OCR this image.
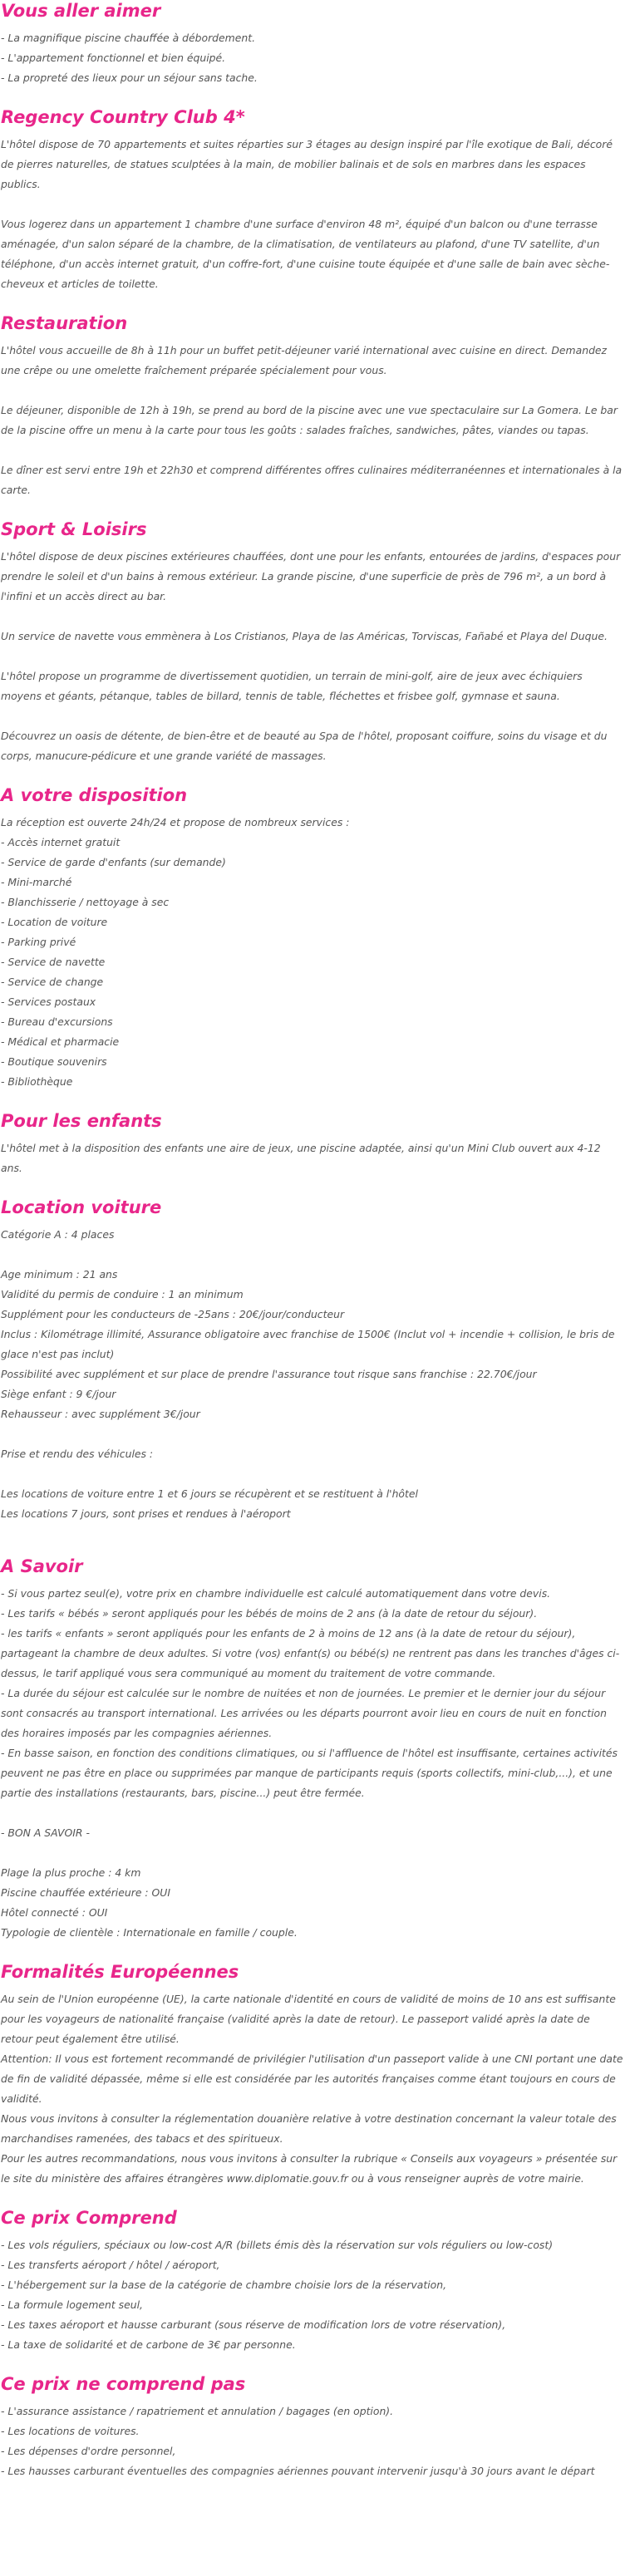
Vous aller aimer
- La magnifique piscine chauffée à débordement.
- L'appartement fonctionnel et bien équipé.
- La propreté des lieux pour un séjour sans tache.
Regency Country Club 4*
L'hôtel dispose de 70 appartements et suites réparties sur 3 étages au design inspiré par l'île exotique de Bali, décoré de pierres naturelles, de statues sculptées à la main, de mobilier balinais et de sols en marbres dans les espaces publics.
Vous logerez dans un appartement 1 chambre d'une surface d'environ 48 m², équipé d'un balcon ou d'une terrasse aménagée, d'un salon séparé de la chambre, de la climatisation, de ventilateurs au plafond, d'une TV satellite, d'un téléphone, d'un accès internet gratuit, d'un coffre-fort, d'une cuisine toute équipée et d'une salle de bain avec sèche-cheveux et articles de toilette.
Restauration
L'hôtel vous accueille de 8h à 11h pour un buffet petit-déjeuner varié international avec cuisine en direct. Demandez une crêpe ou une omelette fraîchement préparée spécialement pour vous.
Le déjeuner, disponible de 12h à 19h, se prend au bord de la piscine avec une vue spectaculaire sur La Gomera. Le bar de la piscine offre un menu à la carte pour tous les goûts : salades fraîches, sandwiches, pâtes, viandes ou tapas.
Le dîner est servi entre 19h et 22h30 et comprend différentes offres culinaires méditerranéennes et internationales à la carte.
Sport & Loisirs
L'hôtel dispose de deux piscines extérieures chauffées, dont une pour les enfants, entourées de jardins, d'espaces pour prendre le soleil et d'un bains à remous extérieur. La grande piscine, d'une superficie de près de 796 m², a un bord à l'infini et un accès direct au bar.
Un service de navette vous emmènera à Los Cristianos, Playa de las Américas, Torviscas, Fañabé et Playa del Duque.
L'hôtel propose un programme de divertissement quotidien, un terrain de mini-golf, aire de jeux avec échiquiers moyens et géants, pétanque, tables de billard, tennis de table, fléchettes et frisbee golf, gymnase et sauna.
Découvrez un oasis de détente, de bien-être et de beauté au Spa de l'hôtel, proposant coiffure, soins du visage et du corps, manucure-pédicure et une grande variété de massages.
A votre disposition
La réception est ouverte 24h/24 et propose de nombreux services :
- Accès internet gratuit
- Service de garde d'enfants (sur demande)
- Mini-marché
- Blanchisserie / nettoyage à sec
- Location de voiture
- Parking privé
- Service de navette
- Service de change
- Services postaux
- Bureau d'excursions
- Médical et pharmacie
- Boutique souvenirs
- Bibliothèque
Pour les enfants
L'hôtel met à la disposition des enfants une aire de jeux, une piscine adaptée, ainsi qu'un Mini Club ouvert aux 4-12 ans.
Location voiture
Catégorie A : 4 places
Age minimum : 21 ans
Validité du permis de conduire : 1 an minimum
Supplément pour les conducteurs de -25ans : 20€/jour/conducteur
Inclus : Kilométrage illimité, Assurance obligatoire avec franchise de 1500€ (Inclut vol + incendie + collision, le bris de glace n'est pas inclut)
Possibilité avec supplément et sur place de prendre l'assurance tout risque sans franchise : 22.70€/jour
Siège enfant : 9 €/jour
Rehausseur : avec supplément 3€/jour
Prise et rendu des véhicules :
Les locations de voiture entre 1 et 6 jours se récupèrent et se restituent à l'hôtel
Les locations 7 jours, sont prises et rendues à l'aéroport
A Savoir
- Si vous partez seul(e), votre prix en chambre individuelle est calculé automatiquement dans votre devis.
- Les tarifs « bébés » seront appliqués pour les bébés de moins de 2 ans (à la date de retour du séjour).
- les tarifs « enfants » seront appliqués pour les enfants de 2 à moins de 12 ans (à la date de retour du séjour), partageant la chambre de deux adultes. Si votre (vos) enfant(s) ou bébé(s) ne rentrent pas dans les tranches d'âges ci-dessus, le tarif appliqué vous sera communiqué au moment du traitement de votre commande.
- La durée du séjour est calculée sur le nombre de nuitées et non de journées. Le premier et le dernier jour du séjour sont consacrés au transport international. Les arrivées ou les départs pourront avoir lieu en cours de nuit en fonction des horaires imposés par les compagnies aériennes.
- En basse saison, en fonction des conditions climatiques, ou si l'affluence de l'hôtel est insuffisante, certaines activités peuvent ne pas être en place ou supprimées par manque de participants requis (sports collectifs, mini-club,...), et une partie des installations (restaurants, bars, piscine...) peut être fermée.
- BON A SAVOIR -
Plage la plus proche : 4 km
Piscine chauffée extérieure : OUI
Hôtel connecté : OUI
Typologie de clientèle : Internationale en famille / couple.
Formalités Européennes
Au sein de l'Union européenne (UE), la carte nationale d'identité en cours de validité de moins de 10 ans est suffisante pour les voyageurs de nationalité française (validité après la date de retour). Le passeport validé après la date de retour peut également être utilisé.
Attention: Il vous est fortement recommandé de privilégier l'utilisation d'un passeport valide à une CNI portant une date de fin de validité dépassée, même si elle est considérée par les autorités françaises comme étant toujours en cours de validité.
Nous vous invitons à consulter la réglementation douanière relative à votre destination concernant la valeur totale des marchandises ramenées, des tabacs et des spiritueux.
Pour les autres recommandations, nous vous invitons à consulter la rubrique « Conseils aux voyageurs » présentée sur le site du ministère des affaires étrangères www.diplomatie.gouv.fr ou à vous renseigner auprès de votre mairie.
Ce prix Comprend
- Les vols réguliers, spéciaux ou low-cost A/R (billets émis dès la réservation sur vols réguliers ou low-cost)
- Les transferts aéroport / hôtel / aéroport,
- L'hébergement sur la base de la catégorie de chambre choisie lors de la réservation,
- La formule logement seul,
- Les taxes aéroport et hausse carburant (sous réserve de modification lors de votre réservation),
- La taxe de solidarité et de carbone de 3€ par personne.
Ce prix ne comprend pas
- L'assurance assistance / rapatriement et annulation / bagages (en option).
- Les locations de voitures.
- Les dépenses d'ordre personnel,
- Les hausses carburant éventuelles des compagnies aériennes pouvant intervenir jusqu'à 30 jours avant le départ
